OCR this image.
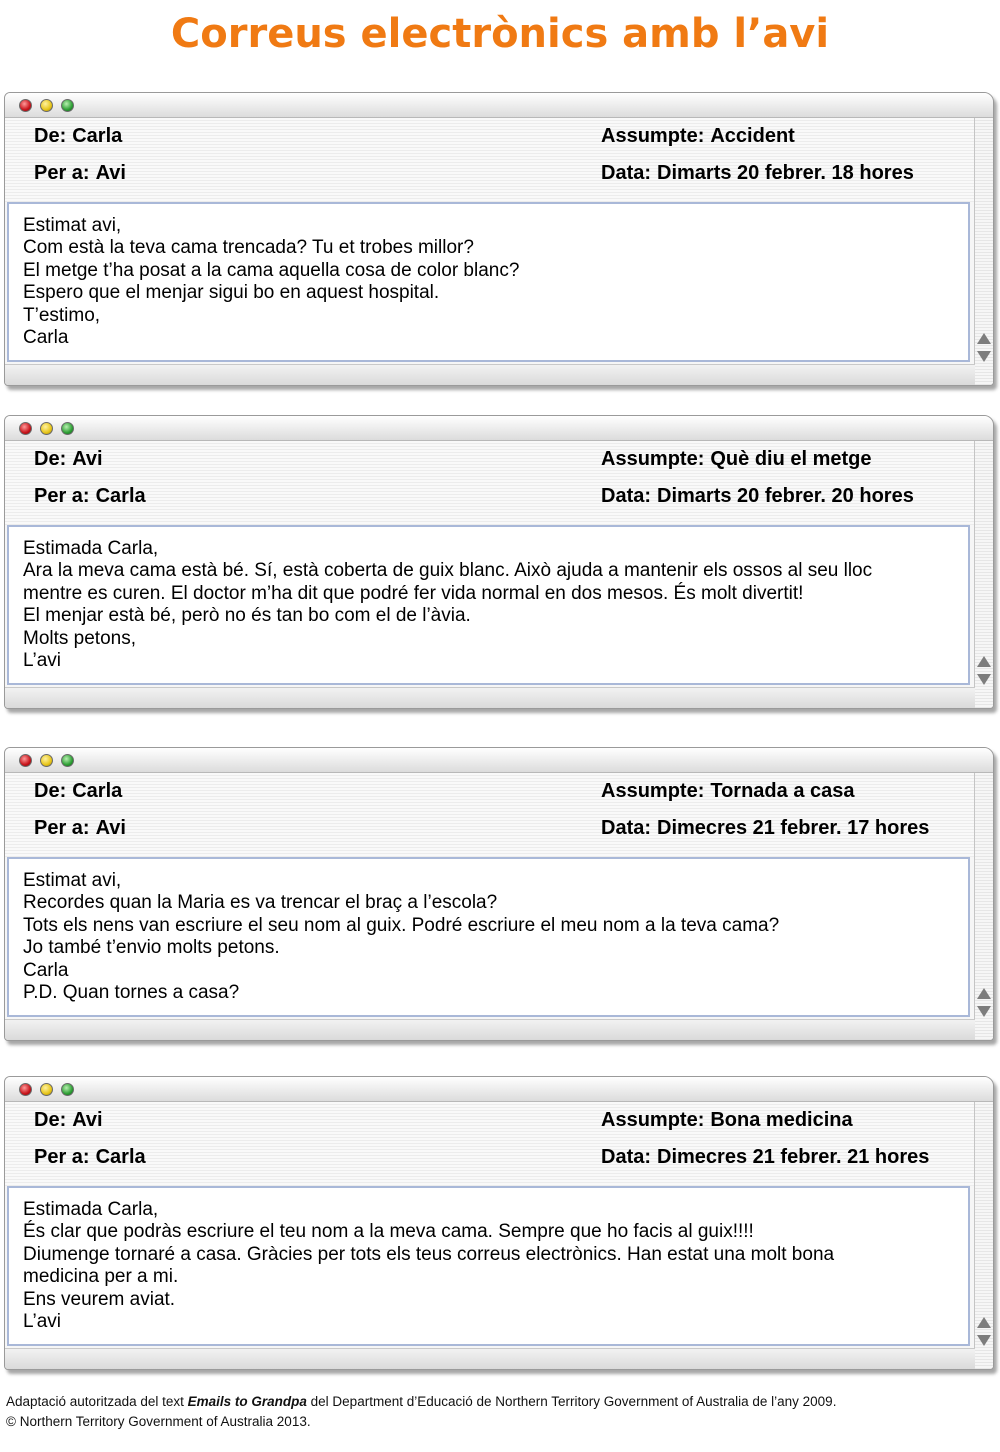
Correus electrònics amb l’avi
De: Carla
Per a: Avi
Assumpte: Accident
Data: Dimarts 20 febrer. 18 hores
Estimat avi,
Com està la teva cama trencada? Tu et trobes millor?
El metge t’ha posat a la cama aquella cosa de color blanc?
Espero que el menjar sigui bo en aquest hospital.
T’estimo,
Carla
De: Avi
Per a: Carla
Assumpte: Què diu el metge
Data: Dimarts 20 febrer. 20 hores
Estimada Carla,
Ara la meva cama està bé. Sí, està coberta de guix blanc. Això ajuda a mantenir els ossos al seu lloc
mentre es curen. El doctor m’ha dit que podré fer vida normal en dos mesos. És molt divertit!
El menjar està bé, però no és tan bo com el de l’àvia.
Molts petons,
L’avi
De: Carla
Per a: Avi
Assumpte: Tornada a casa
Data: Dimecres 21 febrer. 17 hores
Estimat avi,
Recordes quan la Maria es va trencar el braç a l’escola?
Tots els nens van escriure el seu nom al guix. Podré escriure el meu nom a la teva cama?
Jo també t’envio molts petons.
Carla
P.D. Quan tornes a casa?
De: Avi
Per a: Carla
Assumpte: Bona medicina
Data: Dimecres 21 febrer. 21 hores
Estimada Carla,
És clar que podràs escriure el teu nom a la meva cama. Sempre que ho facis al guix!!!!
Diumenge tornaré a casa. Gràcies per tots els teus correus electrònics. Han estat una molt bona
medicina per a mi.
Ens veurem aviat.
L’avi
Adaptació autoritzada del text Emails to Grandpa del Department d’Educació de Northern Territory Government of Australia de l’any 2009.
© Northern Territory Government of Australia 2013.
